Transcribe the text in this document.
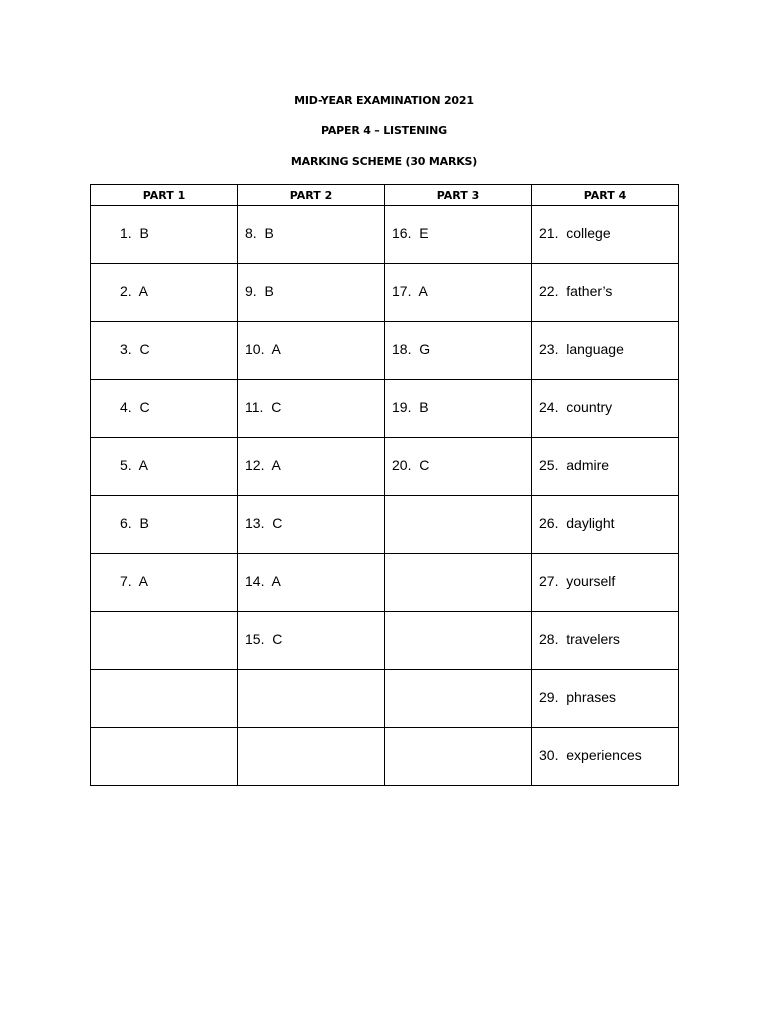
MID-YEAR EXAMINATION 2021
PAPER 4 – LISTENING
MARKING SCHEME (30 MARKS)
PART 1	PART 2	PART 3	PART 4

1.  B	8.  B	16.  E	21.  college

2.  A	9.  B	17.  A	22.  father’s

3.  C	10.  A	18.  G	23.  language

4.  C	11.  C	19.  B	24.  country

5.  A	12.  A	20.  C	25.  admire

6.  B	13.  C		26.  daylight

7.  A	14.  A		27.  yourself

	15.  C		28.  travelers

			29.  phrases

			30.  experiences
